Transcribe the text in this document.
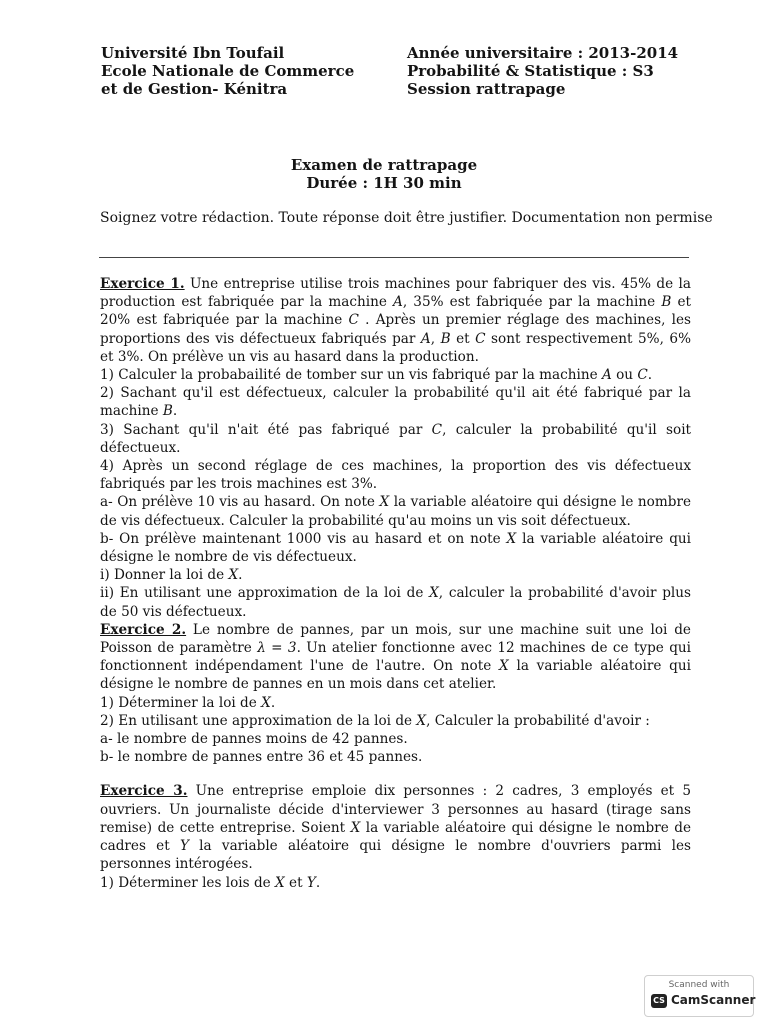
Université Ibn Toufail
Ecole Nationale de Commerce
et de Gestion- Kénitra
Année universitaire : 2013-2014
Probabilité & Statistique : S3
Session rattrapage
Examen de rattrapage
Durée : 1H 30 min
Soignez votre rédaction. Toute réponse doit être justifier. Documentation non permise

Exercice 1. Une entreprise utilise trois machines pour fabriquer des vis. 45% de la production est fabriquée par la machine A, 35% est fabriquée par la machine B et 20% est fabriquée par la machine C . Après un premier réglage des machines, les proportions des vis défectueux fabriqués par A, B et C sont respectivement 5%, 6% et 3%. On prélève un vis au hasard dans la production.

1) Calculer la probabailité de tomber sur un vis fabriqué par la machine A ou C.

2) Sachant qu'il est défectueux, calculer la probabilité qu'il ait été fabriqué par la machine B.

3) Sachant qu'il n'ait été pas fabriqué par C, calculer la probabilité qu'il soit défectueux.

4) Après un second réglage de ces machines, la proportion des vis défectueux fabriqués par les trois machines est 3%.

a- On prélève 10 vis au hasard. On note X la variable aléatoire qui désigne le nombre de vis défectueux. Calculer la probabilité qu'au moins un vis soit défectueux.

b- On prélève maintenant 1000 vis au hasard et on note X la variable aléatoire qui désigne le nombre de vis défectueux.

i) Donner la loi de X.

ii) En utilisant une approximation de la loi de X, calculer la probabilité d'avoir plus de 50 vis défectueux.

Exercice 2. Le nombre de pannes, par un mois, sur une machine suit une loi de Poisson de paramètre λ = 3. Un atelier fonctionne avec 12 machines de ce type qui fonctionnent indépendament l'une de l'autre. On note X la variable aléatoire qui désigne le nombre de pannes en un mois dans cet atelier.

1) Déterminer la loi de X.

2) En utilisant une approximation de la loi de X, Calculer la probabilité d'avoir :

a- le nombre de pannes moins de 42 pannes.

b- le nombre de pannes entre 36 et 45 pannes.

Exercice 3. Une entreprise emploie dix personnes : 2 cadres, 3 employés et 5 ouvriers. Un journaliste décide d'interviewer 3 personnes au hasard (tirage sans remise) de cette entreprise. Soient X la variable aléatoire qui désigne le nombre de cadres et Y la variable aléatoire qui désigne le nombre d'ouvriers parmi les personnes intérogées.

1) Déterminer les lois de X et Y.

Scanned with
CS CamScanner
